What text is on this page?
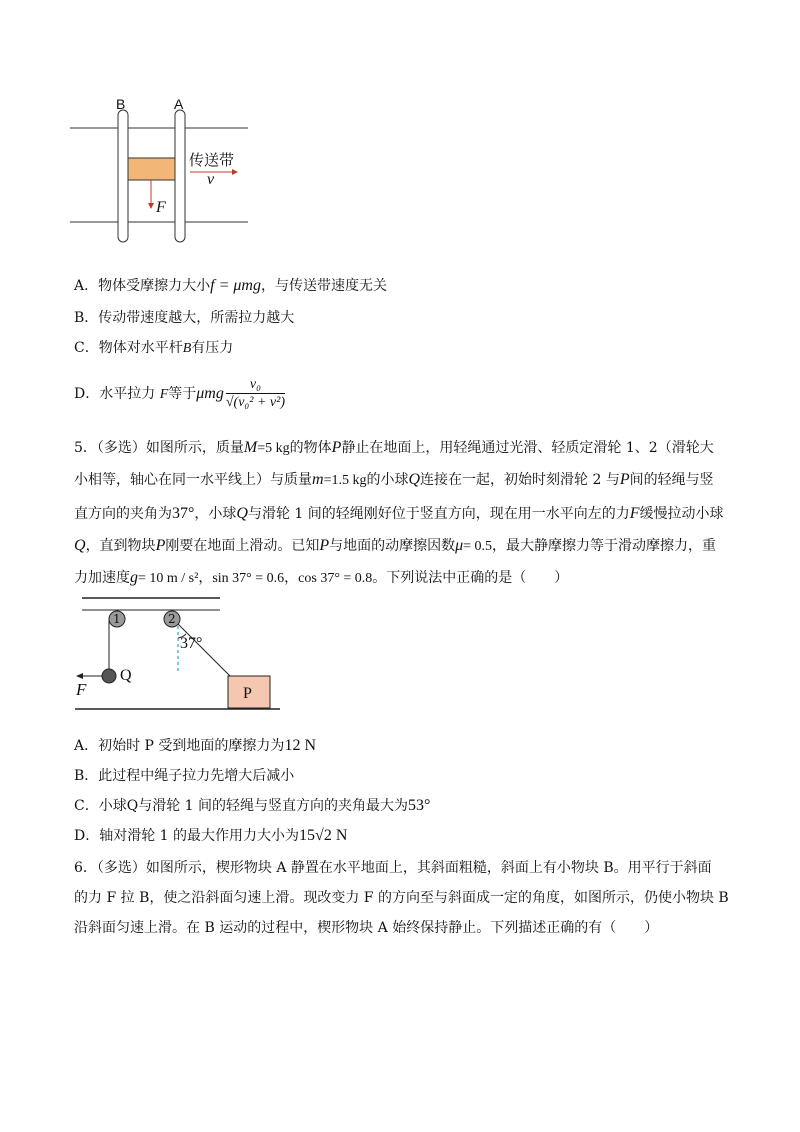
B	A
传送带
v
F
A．物体受摩擦力大小f = μmg，与传送带速度无关
B．传动带速度越大，所需拉力越大
C．物体对水平杆B有压力
D．水平拉力 F等于μmg $\frac{\text{v₀}}{\text{√(v₀² + v²)}}$
5．（多选）如图所示，质量M=5 kg的物体P静止在地面上，用轻绳通过光滑、轻质定滑轮 1、2（滑轮大
小相等，轴心在同一水平线上）与质量m=1.5 kg的小球Q连接在一起，初始时刻滑轮 2 与P间的轻绳与竖
直方向的夹角为37°，小球Q与滑轮 1 间的轻绳刚好位于竖直方向，现在用一水平向左的力F缓慢拉动小球
Q，直到物块P刚要在地面上滑动。已知P与地面的动摩擦因数μ= 0.5，最大静摩擦力等于滑动摩擦力，重
力加速度g= 10 m / s²，sin 37° = 0.6，cos 37° = 0.8。下列说法中正确的是（　　）
1	2
37°
F
Q
P
A．初始时 P 受到地面的摩擦力为12 N
B．此过程中绳子拉力先增大后减小
C．小球Q与滑轮 1 间的轻绳与竖直方向的夹角最大为53°
D．轴对滑轮 1 的最大作用力大小为15√2 N
6．（多选）如图所示，楔形物块 A 静置在水平地面上，其斜面粗糙，斜面上有小物块 B。用平行于斜面
的力 F 拉 B，使之沿斜面匀速上滑。现改变力 F 的方向至与斜面成一定的角度，如图所示，仍使小物块 B
沿斜面匀速上滑。在 B 运动的过程中，楔形物块 A 始终保持静止。下列描述正确的有（　　）
